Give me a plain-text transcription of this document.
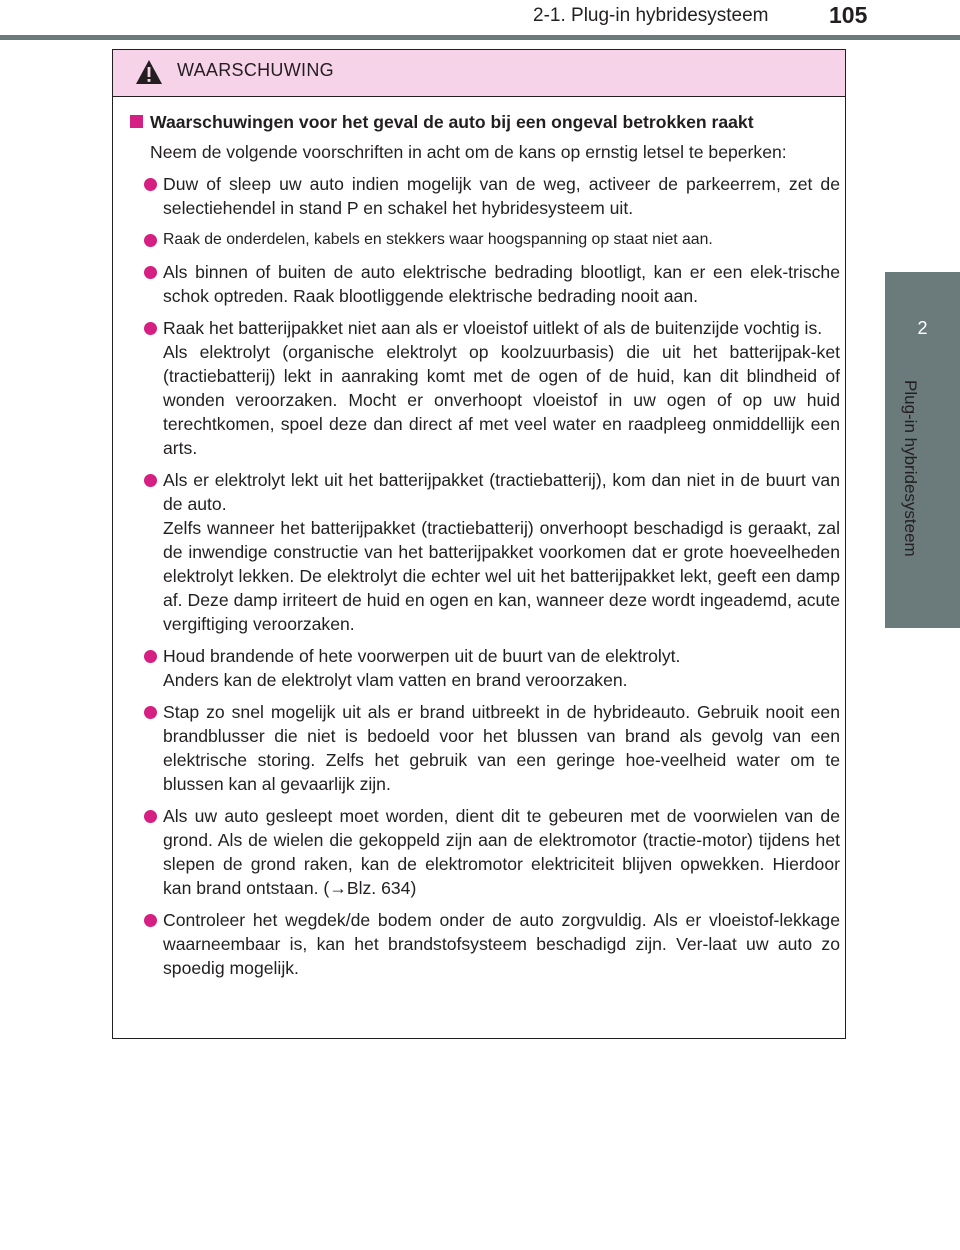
2-1. Plug-in hybridesysteem	105
2
Plug-in hybridesysteem
WAARSCHUWING
Waarschuwingen voor het geval de auto bij een ongeval betrokken raakt
Neem de volgende voorschriften in acht om de kans op ernstig letsel te beperken:

Duw of sleep uw auto indien mogelijk van de weg, activeer de parkeerrem, zet de selectiehendel in stand P en schakel het hybridesysteem uit.

Raak de onderdelen, kabels en stekkers waar hoogspanning op staat niet aan.

Als binnen of buiten de auto elektrische bedrading blootligt, kan er een elek-trische schok optreden. Raak blootliggende elektrische bedrading nooit aan.

Raak het batterijpakket niet aan als er vloeistof uitlekt of als de buitenzijde vochtig is.

Als elektrolyt (organische elektrolyt op koolzuurbasis) die uit het batterijpak-ket (tractiebatterij) lekt in aanraking komt met de ogen of de huid, kan dit blindheid of wonden veroorzaken. Mocht er onverhoopt vloeistof in uw ogen of op uw huid terechtkomen, spoel deze dan direct af met veel water en raadpleeg onmiddellijk een arts.

Als er elektrolyt lekt uit het batterijpakket (tractiebatterij), kom dan niet in de buurt van de auto.

Zelfs wanneer het batterijpakket (tractiebatterij) onverhoopt beschadigd is geraakt, zal de inwendige constructie van het batterijpakket voorkomen dat er grote hoeveelheden elektrolyt lekken. De elektrolyt die echter wel uit het batterijpakket lekt, geeft een damp af. Deze damp irriteert de huid en ogen en kan, wanneer deze wordt ingeademd, acute vergiftiging veroorzaken.

Houd brandende of hete voorwerpen uit de buurt van de elektrolyt.

Anders kan de elektrolyt vlam vatten en brand veroorzaken.

Stap zo snel mogelijk uit als er brand uitbreekt in de hybrideauto. Gebruik nooit een brandblusser die niet is bedoeld voor het blussen van brand als gevolg van een elektrische storing. Zelfs het gebruik van een geringe hoe-veelheid water om te blussen kan al gevaarlijk zijn.

Als uw auto gesleept moet worden, dient dit te gebeuren met de voorwielen van de grond. Als de wielen die gekoppeld zijn aan de elektromotor (tractie-motor) tijdens het slepen de grond raken, kan de elektromotor elektriciteit blijven opwekken. Hierdoor kan brand ontstaan. (→Blz. 634)

Controleer het wegdek/de bodem onder de auto zorgvuldig. Als er vloeistof-lekkage waarneembaar is, kan het brandstofsysteem beschadigd zijn. Ver-laat uw auto zo spoedig mogelijk.
